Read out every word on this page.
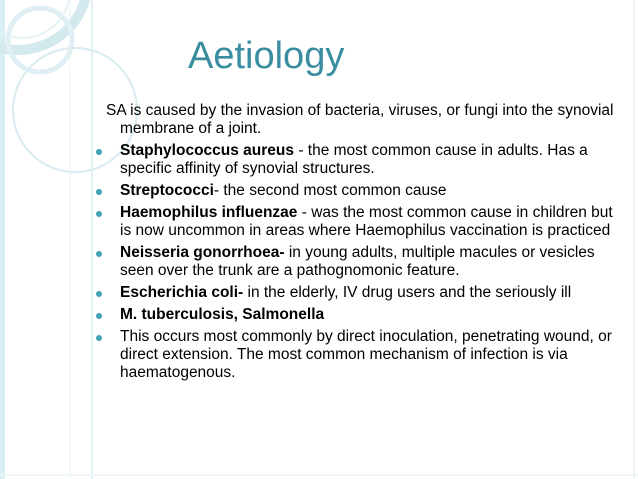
Aetiology

SA is caused by the invasion of bacteria, viruses, or fungi into the synovial membrane of a joint.

Staphylococcus aureus - the most common cause in adults. Has a specific affinity of synovial structures.
Streptococci- the second most common cause
Haemophilus influenzae - was the most common cause in children but is now uncommon in areas where Haemophilus vaccination is practiced
Neisseria gonorrhoea- in young adults, multiple macules or vesicles seen over the trunk are a pathognomonic feature.
Escherichia coli- in the elderly, IV drug users and the seriously ill
M. tuberculosis, Salmonella
This occurs most commonly by direct inoculation, penetrating wound, or direct extension. The most common mechanism of infection is via haematogenous.
